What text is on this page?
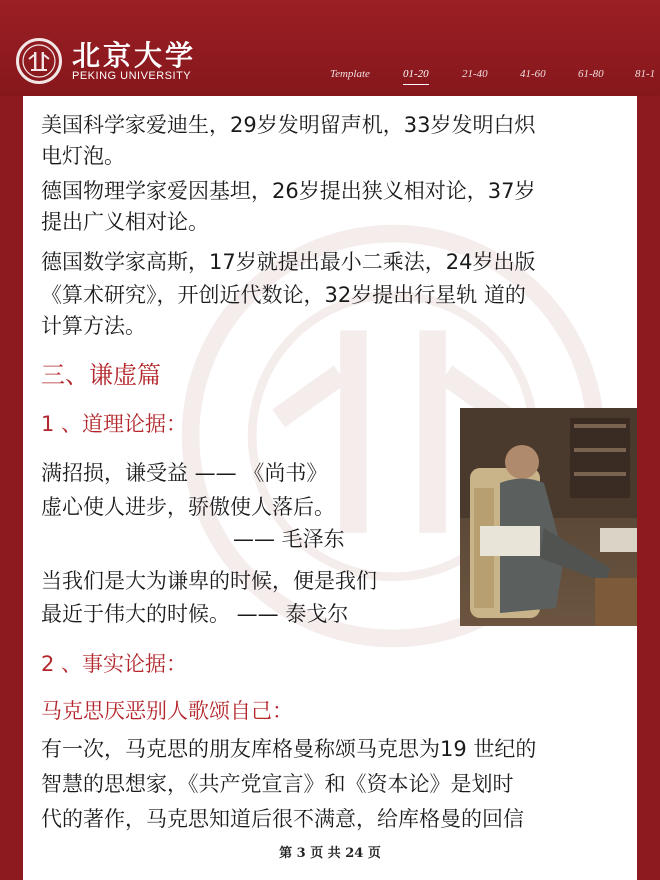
北京大学
PEKING UNIVERSITY	Template	01-20	21-40	41-60	61-80	81-1
美国科学家爱迪生，29岁发明留声机，33岁发明白炽
电灯泡。
德国物理学家爱因基坦，26岁提出狭义相对论，37岁
提出广义相对论。
德国数学家高斯，17岁就提出最小二乘法，24岁出版
《算术研究》，开创近代数论，32岁提出行星轨 道的
计算方法。
三、谦虚篇
1 、道理论据：
满招损，谦受益 —— 《尚书》
虚心使人进步，骄傲使人落后。
—— 毛泽东
当我们是大为谦卑的时候，便是我们
最近于伟大的时候。 —— 泰戈尔
2 、事实论据：
马克思厌恶别人歌颂自己：
有一次，马克思的朋友库格曼称颂马克思为19 世纪的
智慧的思想家，《共产党宣言》和《资本论》是划时
代的著作，马克思知道后很不满意，给库格曼的回信
第 3 页 共 24 页
